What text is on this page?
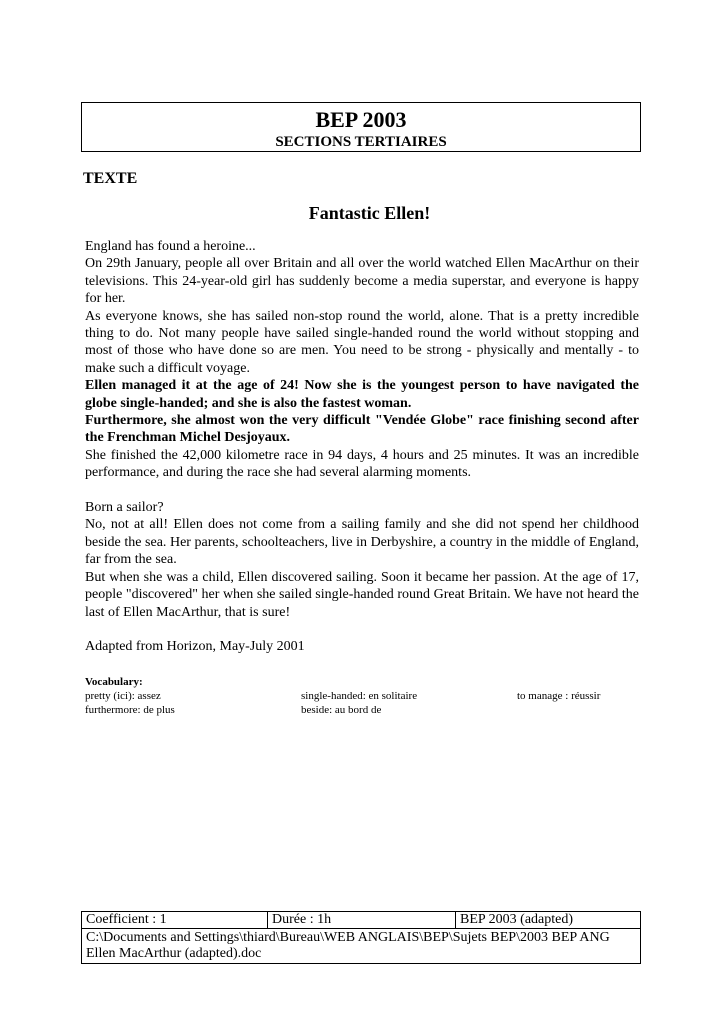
BEP 2003
SECTIONS TERTIAIRES
TEXTE
Fantastic Ellen!

England has found a heroine...

On 29th January, people all over Britain and all over the world watched Ellen MacArthur on their televisions. This 24-year-old girl has suddenly become a media superstar, and everyone is happy for her.

As everyone knows, she has sailed non-stop round the world, alone. That is a pretty incredible thing to do. Not many people have sailed single-handed round the world without stopping and most of those who have done so are men. You need to be strong - physically and mentally - to make such a difficult voyage.

Ellen managed it at the age of 24! Now she is the youngest person to have navigated the globe single-handed; and she is also the fastest woman.

Furthermore, she almost won the very difficult "Vendée Globe" race finishing second after the Frenchman Michel Desjoyaux.

She finished the 42,000 kilometre race in 94 days, 4 hours and 25 minutes. It was an incredible performance, and during the race she had several alarming moments.

Born a sailor?

No, not at all! Ellen does not come from a sailing family and she did not spend her childhood beside the sea. Her parents, schoolteachers, live in Derbyshire, a country in the middle of England, far from the sea.

But when she was a child, Ellen discovered sailing. Soon it became her passion. At the age of 17, people "discovered" her when she sailed single-handed round Great Britain. We have not heard the last of Ellen MacArthur, that is sure!

Adapted from Horizon, May-July 2001

Vocabulary:
pretty (ici): assez	single-handed: en solitaire	to manage : réussir
furthermore: de plus	beside: au bord de
Coefficient : 1	Durée : 1h	BEP 2003 (adapted)
C:\Documents and Settings\thiard\Bureau\WEB ANGLAIS\BEP\Sujets BEP\2003 BEP ANG Ellen MacArthur (adapted).doc
